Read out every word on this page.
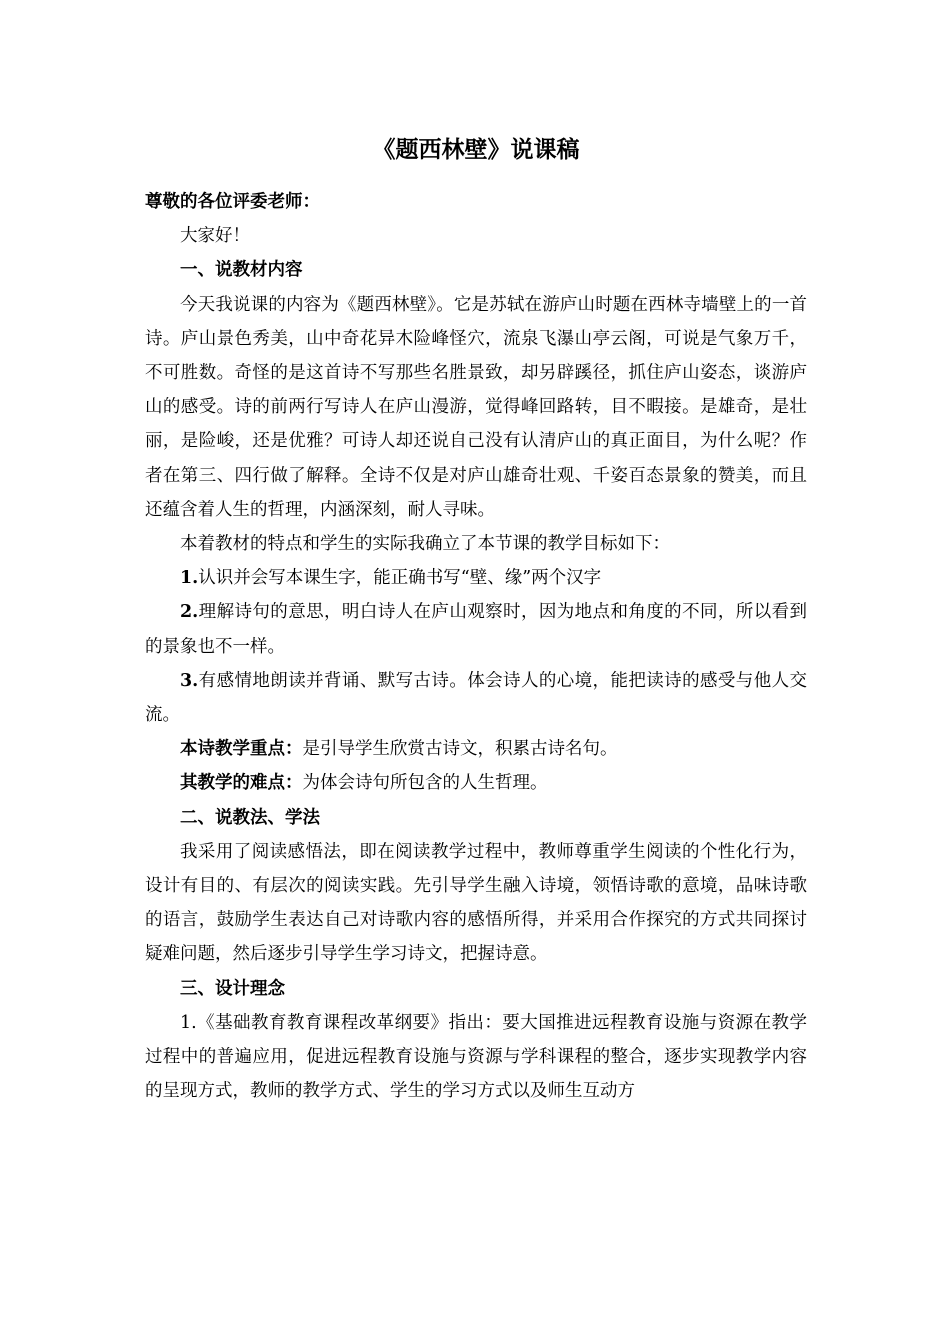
《题西林壁》说课稿

尊敬的各位评委老师：

大家好！

一、说教材内容

今天我说课的内容为《题西林壁》。它是苏轼在游庐山时题在西林寺墙壁上的一首诗。庐山景色秀美，山中奇花异木险峰怪穴，流泉飞瀑山亭云阁，可说是气象万千，不可胜数。奇怪的是这首诗不写那些名胜景致，却另辟蹊径，抓住庐山姿态，谈游庐山的感受。诗的前两行写诗人在庐山漫游，觉得峰回路转，目不暇接。是雄奇，是壮丽，是险峻，还是优雅？可诗人却还说自己没有认清庐山的真正面目，为什么呢？作者在第三、四行做了解释。全诗不仅是对庐山雄奇壮观、千姿百态景象的赞美，而且还蕴含着人生的哲理，内涵深刻，耐人寻味。

本着教材的特点和学生的实际我确立了本节课的教学目标如下：

1.认识并会写本课生字，能正确书写“壁、缘”两个汉字

2.理解诗句的意思，明白诗人在庐山观察时，因为地点和角度的不同，所以看到的景象也不一样。

3.有感情地朗读并背诵、默写古诗。体会诗人的心境，能把读诗的感受与他人交流。

本诗教学重点：是引导学生欣赏古诗文，积累古诗名句。

其教学的难点：为体会诗句所包含的人生哲理。

二、说教法、学法

我采用了阅读感悟法，即在阅读教学过程中，教师尊重学生阅读的个性化行为，设计有目的、有层次的阅读实践。先引导学生融入诗境，领悟诗歌的意境，品味诗歌的语言，鼓励学生表达自己对诗歌内容的感悟所得，并采用合作探究的方式共同探讨疑难问题，然后逐步引导学生学习诗文，把握诗意。

三、设计理念

1.《基础教育教育课程改革纲要》指出：要大国推进远程教育设施与资源在教学过程中的普遍应用，促进远程教育设施与资源与学科课程的整合，逐步实现教学内容的呈现方式，教师的教学方式、学生的学习方式以及师生互动方
